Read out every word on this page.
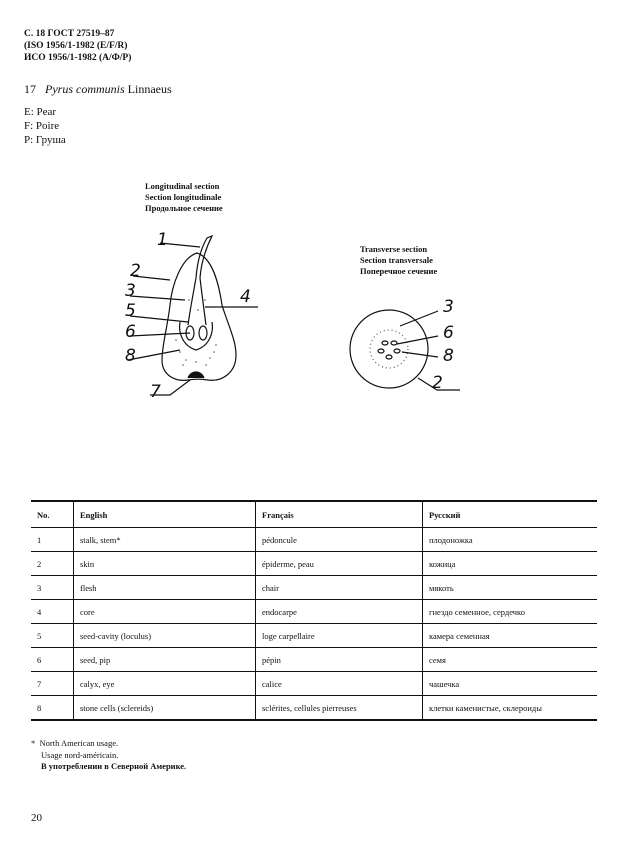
С. 18 ГОСТ 27519–87
(ISO 1956/1-1982 (E/F/R)
ИСО 1956/1-1982 (А/Ф/Р)
17 Pyrus communis Linnaeus
E: Pear
F: Poire
P: Груша
Longitudinal section
Section longitudinale
Продольное сечение
Transverse section
Section transversale
Поперечное сечение
1
2
3
5
4
6
8
7
3
6
8
2
No.	English	Français	Русский
1	stalk, stem*	pédoncule	плодоножка
2	skin	épiderme, peau	кожица
3	flesh	chair	мякоть
4	core	endocarpe	гнездо семенное, сердечко
5	seed-cavity (loculus)	loge carpellaire	камера семенная
6	seed, pip	pépin	семя
7	calyx, eye	calice	чашечка
8	stone cells (sclereids)	sclérites, cellules pierreuses	клетки каменистые, склероиды
*  North American usage.
Usage nord-américain.
В употреблении в Северной Америке.
20
